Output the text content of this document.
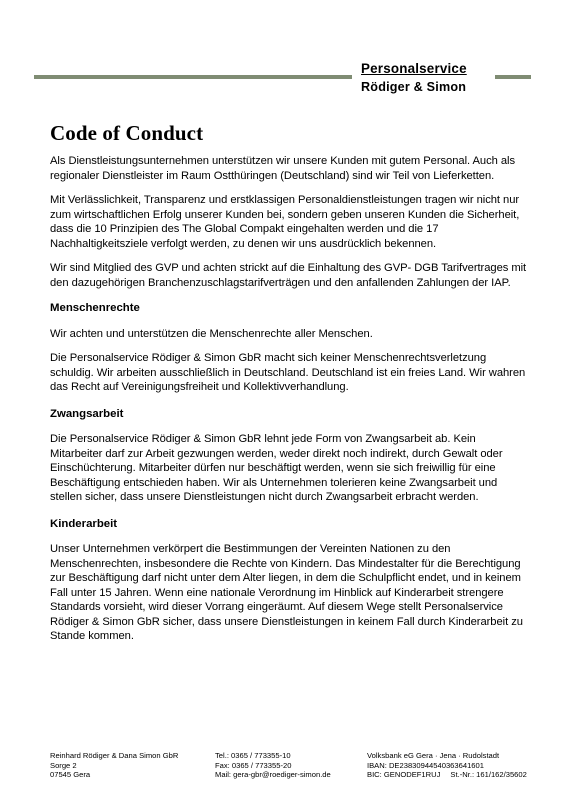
Personalservice
Rödiger & Simon
Code of Conduct

Als Dienstleistungsunternehmen unterstützen wir unsere Kunden mit gutem Personal. Auch als regionaler Dienstleister im Raum Ostthüringen (Deutschland) sind wir Teil von Lieferketten.

Mit Verlässlichkeit, Transparenz und erstklassigen Personaldienstleistungen tragen wir nicht nur zum wirtschaftlichen Erfolg unserer Kunden bei, sondern geben unseren Kunden die Sicherheit, dass die 10 Prinzipien des The Global Compakt eingehalten werden und die 17 Nachhaltigkeitsziele verfolgt werden, zu denen wir uns ausdrücklich bekennen.

Wir sind Mitglied des GVP und achten strickt auf die Einhaltung des GVP- DGB Tarifvertrages mit den dazugehörigen Branchenzuschlagstarifverträgen und den anfallenden Zahlungen der IAP.

Menschenrechte

Wir achten und unterstützen die Menschenrechte aller Menschen.

Die Personalservice Rödiger & Simon GbR macht sich keiner Menschenrechtsverletzung schuldig. Wir arbeiten ausschließlich in Deutschland. Deutschland ist ein freies Land. Wir wahren das Recht auf Vereinigungsfreiheit und Kollektivverhandlung.

Zwangsarbeit

Die Personalservice Rödiger & Simon GbR lehnt jede Form von Zwangsarbeit ab. Kein Mitarbeiter darf zur Arbeit gezwungen werden, weder direkt noch indirekt, durch Gewalt oder Einschüchterung. Mitarbeiter dürfen nur beschäftigt werden, wenn sie sich freiwillig für eine Beschäftigung entschieden haben. Wir als Unternehmen tolerieren keine Zwangsarbeit und stellen sicher, dass unsere Dienstleistungen nicht durch Zwangsarbeit erbracht werden.

Kinderarbeit

Unser Unternehmen verkörpert die Bestimmungen der Vereinten Nationen zu den Menschenrechten, insbesondere die Rechte von Kindern. Das Mindestalter für die Berechtigung zur Beschäftigung darf nicht unter dem Alter liegen, in dem die Schulpflicht endet, und in keinem Fall unter 15 Jahren. Wenn eine nationale Verordnung im Hinblick auf Kinderarbeit strengere Standards vorsieht, wird dieser Vorrang eingeräumt. Auf diesem Wege stellt Personalservice Rödiger & Simon GbR sicher, dass unsere Dienstleistungen in keinem Fall durch Kinderarbeit zu Stande kommen.

Reinhard Rödiger & Dana Simon GbR
Sorge 2
07545 Gera
Tel.: 0365 / 773355-10
Fax: 0365 / 773355-20
Mail: gera-gbr@roediger-simon.de
Volksbank eG Gera · Jena · Rudolstadt
IBAN: DE23830944540363641601
BIC: GENODEF1RUJ St.-Nr.: 161/162/35602
